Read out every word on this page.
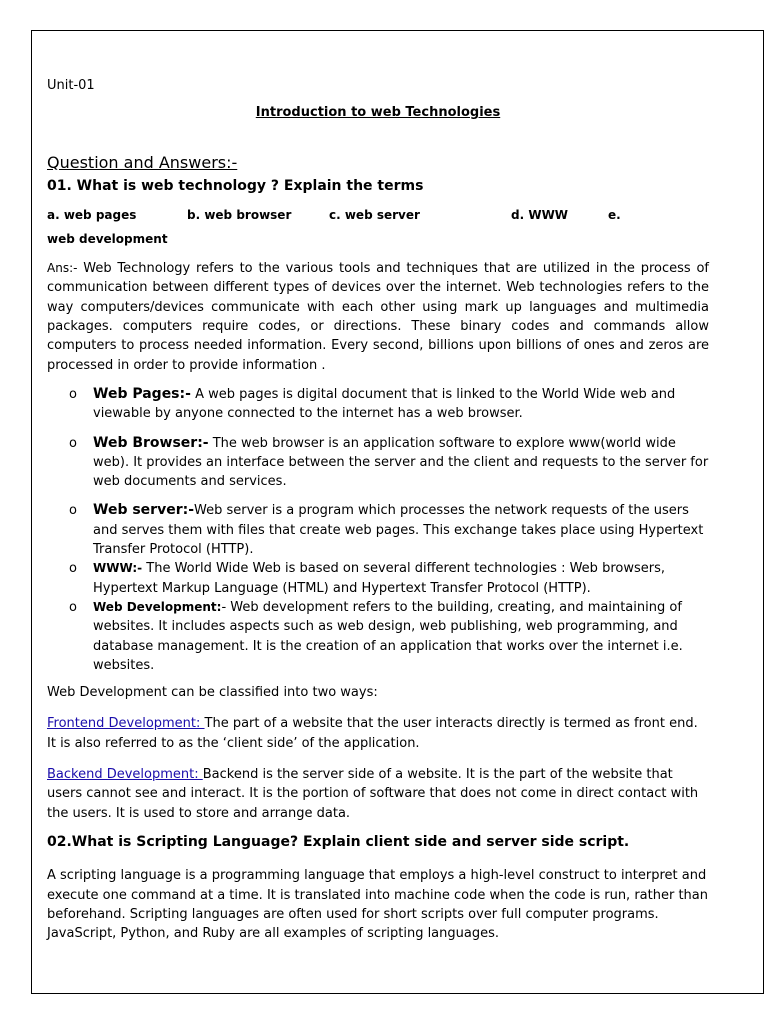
Unit-01

Introduction to web Technologies

Question and Answers:-

01. What is web technology ? Explain the terms

a. web pages	b. web browser	c. web server	d. WWW	e.

web development

Ans:- Web Technology refers to the various tools and techniques that are utilized in the process of communication between different types of devices over the internet. Web technologies refers to the way computers/devices communicate with each other using mark up languages and multimedia packages. computers require codes, or directions. These binary codes and commands allow computers to process needed information. Every second, billions upon billions of ones and zeros are processed in order to provide information .

o Web Pages:- A web pages is digital document that is linked to the World Wide web and viewable by anyone connected to the internet has a web browser.
o Web Browser:- The web browser is an application software to explore www(world wide web). It provides an interface between the server and the client and requests to the server for web documents and services.
o Web server:-Web server is a program which processes the network requests of the users and serves them with files that create web pages. This exchange takes place using Hypertext Transfer Protocol (HTTP).
o WWW:- The World Wide Web is based on several different technologies : Web browsers, Hypertext Markup Language (HTML) and Hypertext Transfer Protocol (HTTP).
o Web Development:- Web development refers to the building, creating, and maintaining of websites. It includes aspects such as web design, web publishing, web programming, and database management. It is the creation of an application that works over the internet i.e. websites.

Web Development can be classified into two ways:

Frontend Development: The part of a website that the user interacts directly is termed as front end. It is also referred to as the ‘client side’ of the application.

Backend Development: Backend is the server side of a website. It is the part of the website that users cannot see and interact. It is the portion of software that does not come in direct contact with the users. It is used to store and arrange data.

02.What is Scripting Language? Explain client side and server side script.

A scripting language is a programming language that employs a high-level construct to interpret and execute one command at a time. It is translated into machine code when the code is run, rather than beforehand. Scripting languages are often used for short scripts over full computer programs. JavaScript, Python, and Ruby are all examples of scripting languages.
